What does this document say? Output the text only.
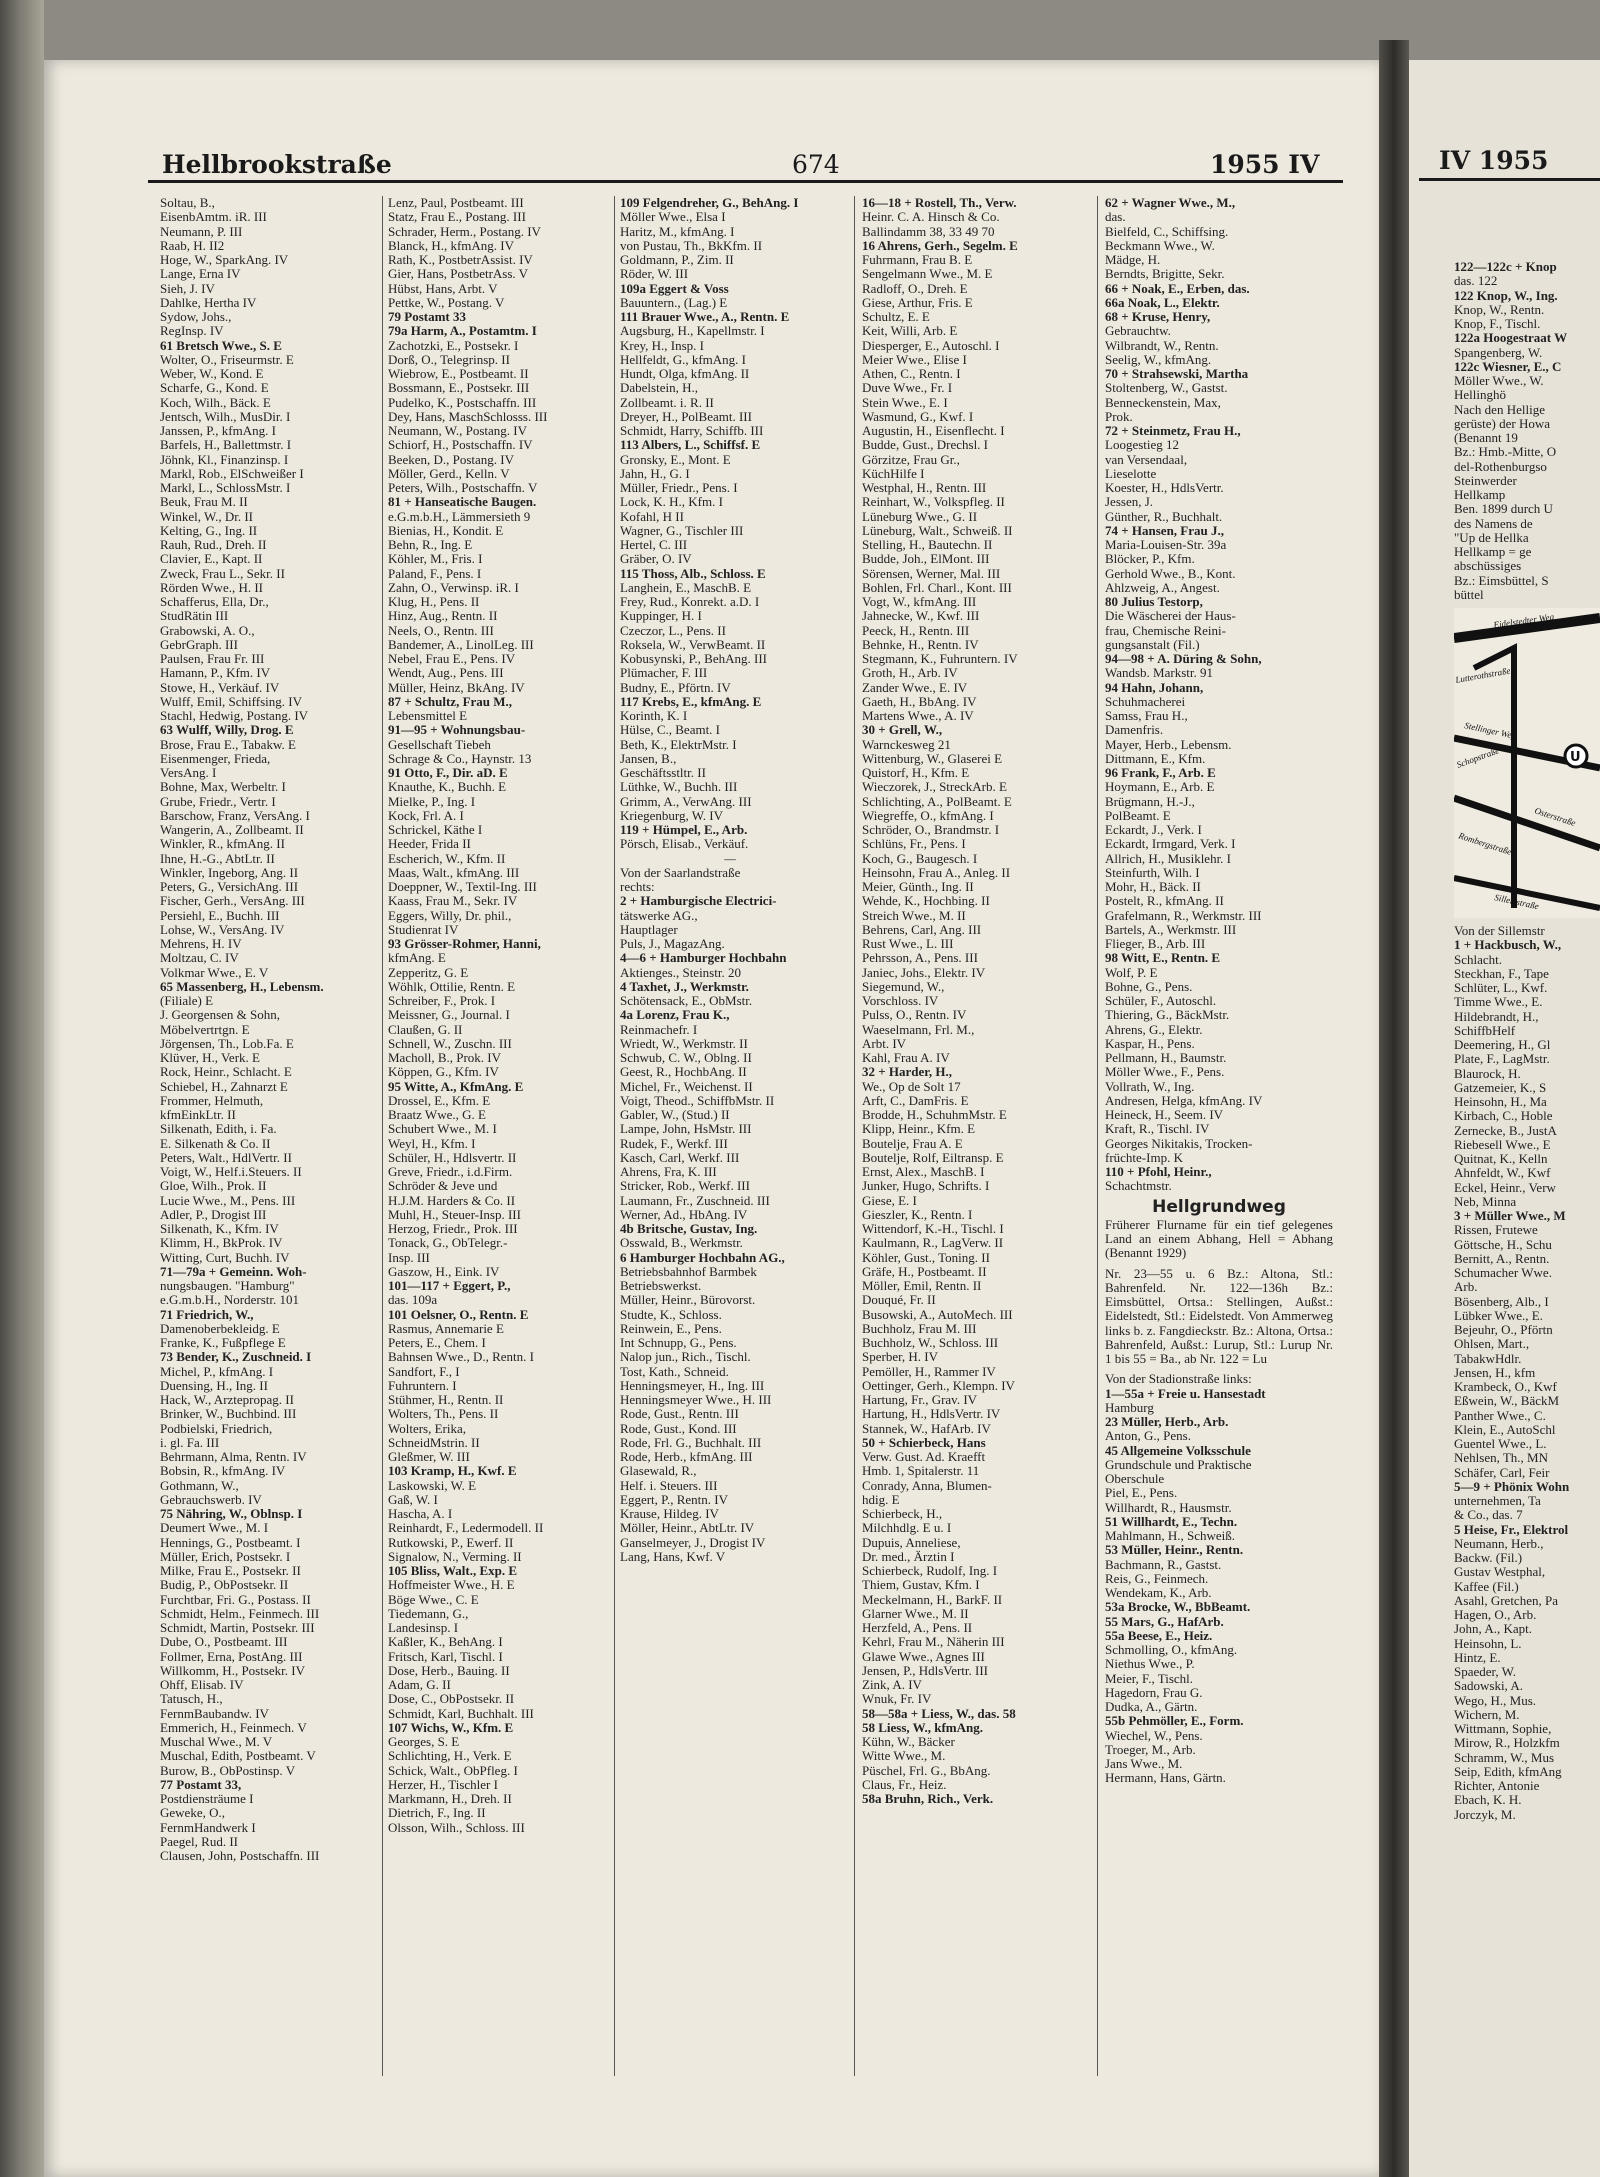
Hellbrookstraße	674	1955 IV
Soltau, B.,
EisenbAmtm. iR. III
Neumann, P. III
Raab, H. II2
Hoge, W., SparkAng. IV
Lange, Erna IV
Sieh, J. IV
Dahlke, Hertha IV
Sydow, Johs.,
RegInsp. IV
61 Bretsch Wwe., S. E
Wolter, O., Friseurmstr. E
Weber, W., Kond. E
Scharfe, G., Kond. E
Koch, Wilh., Bäck. E
Jentsch, Wilh., MusDir. I
Janssen, P., kfmAng. I
Barfels, H., Ballettmstr. I
Jöhnk, Kl., Finanzinsp. I
Markl, Rob., ElSchweißer I
Markl, L., SchlossMstr. I
Beuk, Frau M. II
Winkel, W., Dr. II
Kelting, G., Ing. II
Rauh, Rud., Dreh. II
Clavier, E., Kapt. II
Zweck, Frau L., Sekr. II
Rörden Wwe., H. II
Schafferus, Ella, Dr.,
StudRätin III
Grabowski, A. O.,
GebrGraph. III
Paulsen, Frau Fr. III
Hamann, P., Kfm. IV
Stowe, H., Verkäuf. IV
Wulff, Emil, Schiffsing. IV
Stachl, Hedwig, Postang. IV
63 Wulff, Willy, Drog. E
Brose, Frau E., Tabakw. E
Eisenmenger, Frieda,
VersAng. I
Bohne, Max, Werbeltr. I
Grube, Friedr., Vertr. I
Barschow, Franz, VersAng. I
Wangerin, A., Zollbeamt. II
Winkler, R., kfmAng. II
Ihne, H.-G., AbtLtr. II
Winkler, Ingeborg, Ang. II
Peters, G., VersichAng. III
Fischer, Gerh., VersAng. III
Persiehl, E., Buchh. III
Lohse, W., VersAng. IV
Mehrens, H. IV
Moltzau, C. IV
Volkmar Wwe., E. V
65 Massenberg, H., Lebensm.
(Filiale) E
J. Georgensen & Sohn,
Möbelvertrtgn. E
Jörgensen, Th., Lob.Fa. E
Klüver, H., Verk. E
Rock, Heinr., Schlacht. E
Schiebel, H., Zahnarzt E
Frommer, Helmuth,
kfmEinkLtr. II
Silkenath, Edith, i. Fa.
E. Silkenath & Co. II
Peters, Walt., HdlVertr. II
Voigt, W., Helf.i.Steuers. II
Gloe, Wilh., Prok. II
Lucie Wwe., M., Pens. III
Adler, P., Drogist III
Silkenath, K., Kfm. IV
Klimm, H., BkProk. IV
Witting, Curt, Buchh. IV
71—79a + Gemeinn. Woh-
nungsbaugen. "Hamburg"
e.G.m.b.H., Norderstr. 101
71 Friedrich, W.,
Damenoberbekleidg. E
Franke, K., Fußpflege E
73 Bender, K., Zuschneid. I
Michel, P., kfmAng. I
Duensing, H., Ing. II
Hack, W., Arztepropag. II
Brinker, W., Buchbind. III
Podbielski, Friedrich,
i. gl. Fa. III
Behrmann, Alma, Rentn. IV
Bobsin, R., kfmAng. IV
Gothmann, W.,
Gebrauchswerb. IV
75 Nähring, W., Oblnsp. I
Deumert Wwe., M. I
Hennings, G., Postbeamt. I
Müller, Erich, Postsekr. I
Milke, Frau E., Postsekr. II
Budig, P., ObPostsekr. II
Furchtbar, Fri. G., Postass. II
Schmidt, Helm., Feinmech. III
Schmidt, Martin, Postsekr. III
Dube, O., Postbeamt. III
Follmer, Erna, PostAng. III
Willkomm, H., Postsekr. IV
Ohff, Elisab. IV
Tatusch, H.,
FernmBaubandw. IV
Emmerich, H., Feinmech. V
Muschal Wwe., M. V
Muschal, Edith, Postbeamt. V
Burow, B., ObPostinsp. V
77 Postamt 33,
Postdiensträume I
Geweke, O.,
FernmHandwerk I
Paegel, Rud. II
Clausen, John, Postschaffn. III
Lenz, Paul, Postbeamt. III
Statz, Frau E., Postang. III
Schrader, Herm., Postang. IV
Blanck, H., kfmAng. IV
Rath, K., PostbetrAssist. IV
Gier, Hans, PostbetrAss. V
Hübst, Hans, Arbt. V
Pettke, W., Postang. V
79 Postamt 33
79a Harm, A., Postamtm. I
Zachotzki, E., Postsekr. I
Dorß, O., Telegrinsp. II
Wiebrow, E., Postbeamt. II
Bossmann, E., Postsekr. III
Pudelko, K., Postschaffn. III
Dey, Hans, MaschSchlosss. III
Neumann, W., Postang. IV
Schiorf, H., Postschaffn. IV
Beeken, D., Postang. IV
Möller, Gerd., Kelln. V
Peters, Wilh., Postschaffn. V
81 + Hanseatische Baugen.
e.G.m.b.H., Lämmersieth 9
Bienias, H., Kondit. E
Behn, R., Ing. E
Köhler, M., Fris. I
Paland, F., Pens. I
Zahn, O., Verwinsp. iR. I
Klug, H., Pens. II
Hinz, Aug., Rentn. II
Neels, O., Rentn. III
Bandemer, A., LinolLeg. III
Nebel, Frau E., Pens. IV
Wendt, Aug., Pens. III
Müller, Heinz, BkAng. IV
87 + Schultz, Frau M.,
Lebensmittel E
91—95 + Wohnungsbau-
Gesellschaft Tiebeh
Schrage & Co., Haynstr. 13
91 Otto, F., Dir. aD. E
Knauthe, K., Buchh. E
Mielke, P., Ing. I
Kock, Frl. A. I
Schrickel, Käthe I
Heeder, Frida II
Escherich, W., Kfm. II
Maas, Walt., kfmAng. III
Doeppner, W., Textil-Ing. III
Kaass, Frau M., Sekr. IV
Eggers, Willy, Dr. phil.,
Studienrat IV
93 Grösser-Rohmer, Hanni,
kfmAng. E
Zepperitz, G. E
Wöhlk, Ottilie, Rentn. E
Schreiber, F., Prok. I
Meissner, G., Journal. I
Claußen, G. II
Schnell, W., Zuschn. III
Macholl, B., Prok. IV
Köppen, G., Kfm. IV
95 Witte, A., KfmAng. E
Drossel, E., Kfm. E
Braatz Wwe., G. E
Schubert Wwe., M. I
Weyl, H., Kfm. I
Schüler, H., Hdlsvertr. II
Greve, Friedr., i.d.Firm.
Schröder & Jeve und
H.J.M. Harders & Co. II
Muhl, H., Steuer-Insp. III
Herzog, Friedr., Prok. III
Tonack, G., ObTelegr.-
Insp. III
Gaszow, H., Eink. IV
101—117 + Eggert, P.,
das. 109a
101 Oelsner, O., Rentn. E
Rasmus, Annemarie E
Peters, E., Chem. I
Bahnsen Wwe., D., Rentn. I
Sandfort, F., I
Fuhruntern. I
Stühmer, H., Rentn. II
Wolters, Th., Pens. II
Wolters, Erika,
SchneidMstrin. II
Gleßmer, W. III
103 Kramp, H., Kwf. E
Laskowski, W. E
Gaß, W. I
Hascha, A. I
Reinhardt, F., Ledermodell. II
Rutkowski, P., Ewerf. II
Signalow, N., Verming. II
105 Bliss, Walt., Exp. E
Hoffmeister Wwe., H. E
Böge Wwe., C. E
Tiedemann, G.,
Landesinsp. I
Kaßler, K., BehAng. I
Fritsch, Karl, Tischl. I
Dose, Herb., Bauing. II
Adam, G. II
Dose, C., ObPostsekr. II
Schmidt, Karl, Buchhalt. III
107 Wichs, W., Kfm. E
Georges, S. E
Schlichting, H., Verk. E
Schick, Walt., ObPfleg. I
Herzer, H., Tischler I
Markmann, H., Dreh. II
Dietrich, F., Ing. II
Olsson, Wilh., Schloss. III
109 Felgendreher, G., BehAng. I
Möller Wwe., Elsa I
Haritz, M., kfmAng. I
von Pustau, Th., BkKfm. II
Goldmann, P., Zim. II
Röder, W. III
109a Eggert & Voss
Bauuntern., (Lag.) E
111 Brauer Wwe., A., Rentn. E
Augsburg, H., Kapellmstr. I
Krey, H., Insp. I
Hellfeldt, G., kfmAng. I
Hundt, Olga, kfmAng. II
Dabelstein, H.,
Zollbeamt. i. R. II
Dreyer, H., PolBeamt. III
Schmidt, Harry, Schiffb. III
113 Albers, L., Schiffsf. E
Gronsky, E., Mont. E
Jahn, H., G. I
Müller, Friedr., Pens. I
Lock, K. H., Kfm. I
Kofahl, H II
Wagner, G., Tischler III
Hertel, C. III
Gräber, O. IV
115 Thoss, Alb., Schloss. E
Langhein, E., MaschB. E
Frey, Rud., Konrekt. a.D. I
Kuppinger, H. I
Czeczor, L., Pens. II
Roksela, W., VerwBeamt. II
Kobusynski, P., BehAng. III
Plümacher, F. III
Budny, E., Pförtn. IV
117 Krebs, E., kfmAng. E
Korinth, K. I
Hülse, C., Beamt. I
Beth, K., ElektrMstr. I
Jansen, B.,
Geschäftsstltr. II
Lüthke, W., Buchh. III
Grimm, A., VerwAng. III
Kriegenburg, W. IV
119 + Hümpel, E., Arb.
Pörsch, Elisab., Verkäuf.
—
Von der Saarlandstraße
rechts:
2 + Hamburgische Electrici-
tätswerke AG.,
Hauptlager
Puls, J., MagazAng.
4—6 + Hamburger Hochbahn
Aktienges., Steinstr. 20
4 Taxhet, J., Werkmstr.
Schötensack, E., ObMstr.
4a Lorenz, Frau K.,
Reinmachefr. I
Wriedt, W., Werkmstr. II
Schwub, C. W., Oblng. II
Geest, R., HochbAng. II
Michel, Fr., Weichenst. II
Voigt, Theod., SchiffbMstr. II
Gabler, W., (Stud.) II
Lampe, John, HsMstr. III
Rudek, F., Werkf. III
Kasch, Carl, Werkf. III
Ahrens, Fra, K. III
Stricker, Rob., Werkf. III
Laumann, Fr., Zuschneid. III
Werner, Ad., HbAng. IV
4b Britsche, Gustav, Ing.
Osswald, B., Werkmstr.
6 Hamburger Hochbahn AG.,
Betriebsbahnhof Barmbek
Betriebswerkst.
Müller, Heinr., Bürovorst.
Studte, K., Schloss.
Reinwein, E., Pens.
Int Schnupp, G., Pens.
Nalop jun., Rich., Tischl.
Tost, Kath., Schneid.
Henningsmeyer, H., Ing. III
Henningsmeyer Wwe., H. III
Rode, Gust., Rentn. III
Rode, Gust., Kond. III
Rode, Frl. G., Buchhalt. III
Rode, Herb., kfmAng. III
Glasewald, R.,
Helf. i. Steuers. III
Eggert, P., Rentn. IV
Krause, Hildeg. IV
Möller, Heinr., AbtLtr. IV
Ganselmeyer, J., Drogist IV
Lang, Hans, Kwf. V
16—18 + Rostell, Th., Verw.
Heinr. C. A. Hinsch & Co.
Ballindamm 38, 33 49 70
16 Ahrens, Gerh., Segelm. E
Fuhrmann, Frau B. E
Sengelmann Wwe., M. E
Radloff, O., Dreh. E
Giese, Arthur, Fris. E
Schultz, E. E
Keit, Willi, Arb. E
Diesperger, E., Autoschl. I
Meier Wwe., Elise I
Athen, C., Rentn. I
Duve Wwe., Fr. I
Stein Wwe., E. I
Wasmund, G., Kwf. I
Augustin, H., Eisenflecht. I
Budde, Gust., Drechsl. I
Görzitze, Frau Gr.,
KüchHilfe I
Westphal, H., Rentn. III
Reinhart, W., Volkspfleg. II
Lüneburg Wwe., G. II
Lüneburg, Walt., Schweiß. II
Stelling, H., Bautechn. II
Budde, Joh., ElMont. III
Sörensen, Werner, Mal. III
Bohlen, Frl. Charl., Kont. III
Vogt, W., kfmAng. III
Jahnecke, W., Kwf. III
Peeck, H., Rentn. III
Behnke, H., Rentn. IV
Stegmann, K., Fuhruntern. IV
Groth, H., Arb. IV
Zander Wwe., E. IV
Gaeth, H., BbAng. IV
Martens Wwe., A. IV
30 + Grell, W.,
Warnckesweg 21
Wittenburg, W., Glaserei E
Quistorf, H., Kfm. E
Wieczorek, J., StreckArb. E
Schlichting, A., PolBeamt. E
Wiegreffe, O., kfmAng. I
Schröder, O., Brandmstr. I
Schlüns, Fr., Pens. I
Koch, G., Baugesch. I
Heinsohn, Frau A., Anleg. II
Meier, Günth., Ing. II
Wehde, K., Hochbing. II
Streich Wwe., M. II
Behrens, Carl, Ang. III
Rust Wwe., L. III
Pehrsson, A., Pens. III
Janiec, Johs., Elektr. IV
Siegemund, W.,
Vorschloss. IV
Pulss, O., Rentn. IV
Waeselmann, Frl. M.,
Arbt. IV
Kahl, Frau A. IV
32 + Harder, H.,
We., Op de Solt 17
Arft, C., DamFris. E
Brodde, H., SchuhmMstr. E
Klipp, Heinr., Kfm. E
Boutelje, Frau A. E
Boutelje, Rolf, Eiltransp. E
Ernst, Alex., MaschB. I
Junker, Hugo, Schrifts. I
Giese, E. I
Gieszler, K., Rentn. I
Wittendorf, K.-H., Tischl. I
Kaulmann, R., LagVerw. II
Köhler, Gust., Toning. II
Gräfe, H., Postbeamt. II
Möller, Emil, Rentn. II
Douqué, Fr. II
Busowski, A., AutoMech. III
Buchholz, Frau M. III
Buchholz, W., Schloss. III
Sperber, H. IV
Pemöller, H., Rammer IV
Oettinger, Gerh., Klempn. IV
Hartung, Fr., Grav. IV
Hartung, H., HdlsVertr. IV
Stannek, W., HafArb. IV
50 + Schierbeck, Hans
Verw. Gust. Ad. Kraefft
Hmb. 1, Spitalerstr. 11
Conrady, Anna, Blumen-
hdig. E
Schierbeck, H.,
Milchhdlg. E u. I
Dupuis, Anneliese,
Dr. med., Ärztin I
Schierbeck, Rudolf, Ing. I
Thiem, Gustav, Kfm. I
Meckelmann, H., BarkF. II
Glarner Wwe., M. II
Herzfeld, A., Pens. II
Kehrl, Frau M., Näherin III
Glawe Wwe., Agnes III
Jensen, P., HdlsVertr. III
Zink, A. IV
Wnuk, Fr. IV
58—58a + Liess, W., das. 58
58 Liess, W., kfmAng.
Kühn, W., Bäcker
Witte Wwe., M.
Püschel, Frl. G., BbAng.
Claus, Fr., Heiz.
58a Bruhn, Rich., Verk.
62 + Wagner Wwe., M.,
das.
Bielfeld, C., Schiffsing.
Beckmann Wwe., W.
Mädge, H.
Berndts, Brigitte, Sekr.
66 + Noak, E., Erben, das.
66a Noak, L., Elektr.
68 + Kruse, Henry,
Gebrauchtw.
Wilbrandt, W., Rentn.
Seelig, W., kfmAng.
70 + Strahsewski, Martha
Stoltenberg, W., Gastst.
Benneckenstein, Max,
Prok.
72 + Steinmetz, Frau H.,
Loogestieg 12
van Versendaal,
Lieselotte
Koester, H., HdlsVertr.
Jessen, J.
Günther, R., Buchhalt.
74 + Hansen, Frau J.,
Maria-Louisen-Str. 39a
Blöcker, P., Kfm.
Gerhold Wwe., B., Kont.
Ahlzweig, A., Angest.
80 Julius Testorp,
Die Wäscherei der Haus-
frau, Chemische Reini-
gungsanstalt (Fil.)
94—98 + A. Düring & Sohn,
Wandsb. Markstr. 91
94 Hahn, Johann,
Schuhmacherei
Samss, Frau H.,
Damenfris.
Mayer, Herb., Lebensm.
Dittmann, E., Kfm.
96 Frank, F., Arb. E
Hoymann, E., Arb. E
Brügmann, H.-J.,
PolBeamt. E
Eckardt, J., Verk. I
Eckardt, Irmgard, Verk. I
Allrich, H., Musiklehr. I
Steinfurth, Wilh. I
Mohr, H., Bäck. II
Postelt, R., kfmAng. II
Grafelmann, R., Werkmstr. III
Bartels, A., Werkmstr. III
Flieger, B., Arb. III
98 Witt, E., Rentn. E
Wolf, P. E
Bohne, G., Pens.
Schüler, F., Autoschl.
Thiering, G., BäckMstr.
Ahrens, G., Elektr.
Kaspar, H., Pens.
Pellmann, H., Baumstr.
Möller Wwe., F., Pens.
Vollrath, W., Ing.
Andresen, Helga, kfmAng. IV
Heineck, H., Seem. IV
Kraft, R., Tischl. IV
Georges Nikitakis, Trocken-
früchte-Imp. K
110 + Pfohl, Heinr.,
Schachtmstr.
Hellgrundweg
Früherer Flurname für ein tief gelegenes Land an einem Abhang, Hell = Abhang (Benannt 1929)
Nr. 23—55 u. 6 Bz.: Altona, Stl.: Bahrenfeld. Nr. 122—136h Bz.: Eimsbüttel, Ortsa.: Stellingen, Außst.: Eidelstedt, Stl.: Eidelstedt. Von Ammerweg links b. z. Fangdieckstr. Bz.: Altona, Ortsa.: Bahrenfeld, Außst.: Lurup, Stl.: Lurup Nr. 1 bis 55 = Ba., ab Nr. 122 = Lu
Von der Stadionstraße links:
1—55a + Freie u. Hansestadt
Hamburg
23 Müller, Herb., Arb.
Anton, G., Pens.
45 Allgemeine Volksschule
Grundschule und Praktische
Oberschule
Piel, E., Pens.
Willhardt, R., Hausmstr.
51 Willhardt, E., Techn.
Mahlmann, H., Schweiß.
53 Müller, Heinr., Rentn.
Bachmann, R., Gastst.
Reis, G., Feinmech.
Wendekam, K., Arb.
53a Brocke, W., BbBeamt.
55 Mars, G., HafArb.
55a Beese, E., Heiz.
Schmolling, O., kfmAng.
Niethus Wwe., P.
Meier, F., Tischl.
Hagedorn, Frau G.
Dudka, A., Gärtn.
55b Pehmöller, E., Form.
Wiechel, W., Pens.
Troeger, M., Arb.
Jans Wwe., M.
Hermann, Hans, Gärtn.
IV 1955
122—122c + Knop
das. 122
122 Knop, W., Ing.
Knop, W., Rentn.
Knop, F., Tischl.
122a Hoogestraat W
Spangenberg, W.
122c Wiesner, E., C
Möller Wwe., W.
Hellinghö
Nach den Hellige
gerüste) der Howa
(Benannt 19
Bz.: Hmb.-Mitte, O
del-Rothenburgso
Steinwerder
Hellkamp
Ben. 1899 durch U
des Namens de
"Up de Hellka
Hellkamp = ge
abschüssiges
Bz.: Eimsbüttel, S
büttel
U
Eidelstedter Weg
Lutterothstraße
Stellinger Weg
Schopstraße
Osterstraße
Rombergstraße
Sillemstraße
Von der Sillemstr
1 + Hackbusch, W.,
Schlacht.
Steckhan, F., Tape
Schlüter, L., Kwf.
Timme Wwe., E.
Hildebrandt, H.,
SchiffbHelf
Deemering, H., Gl
Plate, F., LagMstr.
Blaurock, H.
Gatzemeier, K., S
Heinsohn, H., Ma
Kirbach, C., Hoble
Zernecke, B., JustA
Riebesell Wwe., E
Quitnat, K., Kelln
Ahnfeldt, W., Kwf
Eckel, Heinr., Verw
Neb, Minna
3 + Müller Wwe., M
Rissen, Frutewe
Göttsche, H., Schu
Bernitt, A., Rentn.
Schumacher Wwe.
Arb.
Bösenberg, Alb., I
Lübker Wwe., E.
Bejeuhr, O., Pförtn
Ohlsen, Mart.,
TabakwHdlr.
Jensen, H., kfm
Krambeck, O., Kwf
Eßwein, W., BäckM
Panther Wwe., C.
Klein, E., AutoSchl
Guentel Wwe., L.
Nehlsen, Th., MN
Schäfer, Carl, Feir
5—9 + Phönix Wohn
unternehmen, Ta
& Co., das. 7
5 Heise, Fr., Elektrol
Neumann, Herb.,
Backw. (Fil.)
Gustav Westphal,
Kaffee (Fil.)
Asahl, Gretchen, Pa
Hagen, O., Arb.
John, A., Kapt.
Heinsohn, L.
Hintz, E.
Spaeder, W.
Sadowski, A.
Wego, H., Mus.
Wichern, M.
Wittmann, Sophie,
Mirow, R., Holzkfm
Schramm, W., Mus
Seip, Edith, kfmAng
Richter, Antonie
Ebach, K. H.
Jorczyk, M.
